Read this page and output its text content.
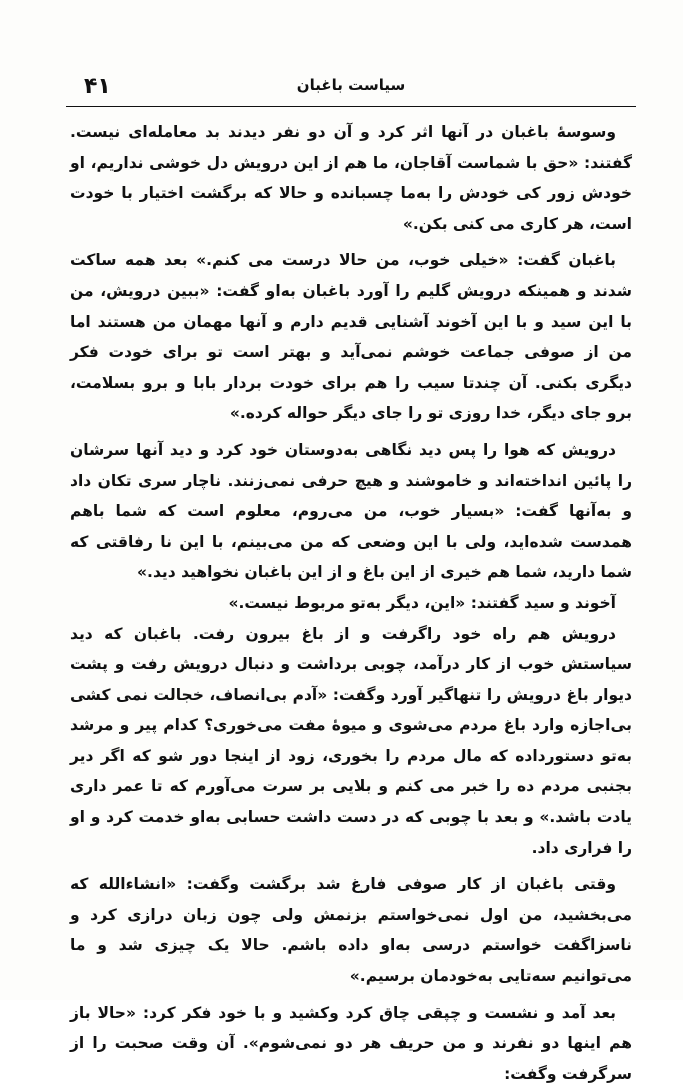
۴۱	سیاست باغبان

وسوسهٔ باغبان در آنها اثر کرد و آن دو نفر دیدند بد معامله‌ای نیست. گفتند: «حق با شماست آقاجان، ما هم از این درویش دل خوشی نداریم، او خودش زور کی خودش را به‌ما چسبانده و حالا که برگشت اختیار با خودت است، هر کاری می کنی بکن.»

باغبان گفت: «خیلی خوب، من حالا درست می کنم.» بعد همه ساکت شدند و همینکه درویش گلیم را آورد باغبان به‌او گفت: «ببین درویش، من با این سید و با این آخوند آشنایی قدیم دارم و آنها مهمان من هستند اما من از صوفی جماعت خوشم نمی‌آید و بهتر است تو برای خودت فکر دیگری بکنی. آن چندتا سیب را هم برای خودت بردار بابا و برو بسلامت، برو جای دیگر، خدا روزی تو را جای دیگر حواله کرده.»

درویش که هوا را پس دید نگاهی به‌دوستان خود کرد و دید آنها سرشان را پائین انداخته‌اند و خاموشند و هیچ حرفی نمی‌زنند. ناچار سری تکان داد و به‌آنها گفت: «بسیار خوب، من می‌روم، معلوم است که شما باهم همدست شده‌اید، ولی با این وضعی که من می‌بینم، با این نا رفاقتی که شما دارید، شما هم خیری از این باغ و از این باغبان نخواهید دید.»

آخوند و سید گفتند: «این، دیگر به‌تو مربوط نیست.»

درویش هم راه خود راگرفت و از باغ بیرون رفت. باغبان که دید سیاستش خوب از کار درآمد، چوبی برداشت و دنبال درویش رفت و پشت دیوار باغ درویش را تنهاگیر آورد وگفت: «آدم بی‌انصاف، خجالت نمی کشی بی‌اجازه وارد باغ مردم می‌شوی و میوهٔ مفت می‌خوری؟ کدام پیر و مرشد به‌تو دستورداده که مال مردم را بخوری، زود از اینجا دور شو که اگر دیر بجنبی مردم ده را خبر می کنم و بلایی بر سرت می‌آورم که تا عمر داری یادت باشد.» و بعد با چوبی که در دست داشت حسابی به‌او خدمت کرد و او را فراری داد.

وقتی باغبان از کار صوفی فارغ شد برگشت وگفت: «انشاءالله که می‌بخشید، من اول نمی‌خواستم بزنمش ولی چون زبان درازی کرد و ناسزاگفت خواستم درسی به‌او داده باشم. حالا یک چیزی شد و ما می‌توانیم سه‌تایی به‌خودمان برسیم.»

بعد آمد و نشست و چپقی چاق کرد وکشید و با خود فکر کرد: «حالا باز هم اینها دو نفرند و من حریف هر دو نمی‌شوم». آن وقت صحبت را از سرگرفت وگفت:
